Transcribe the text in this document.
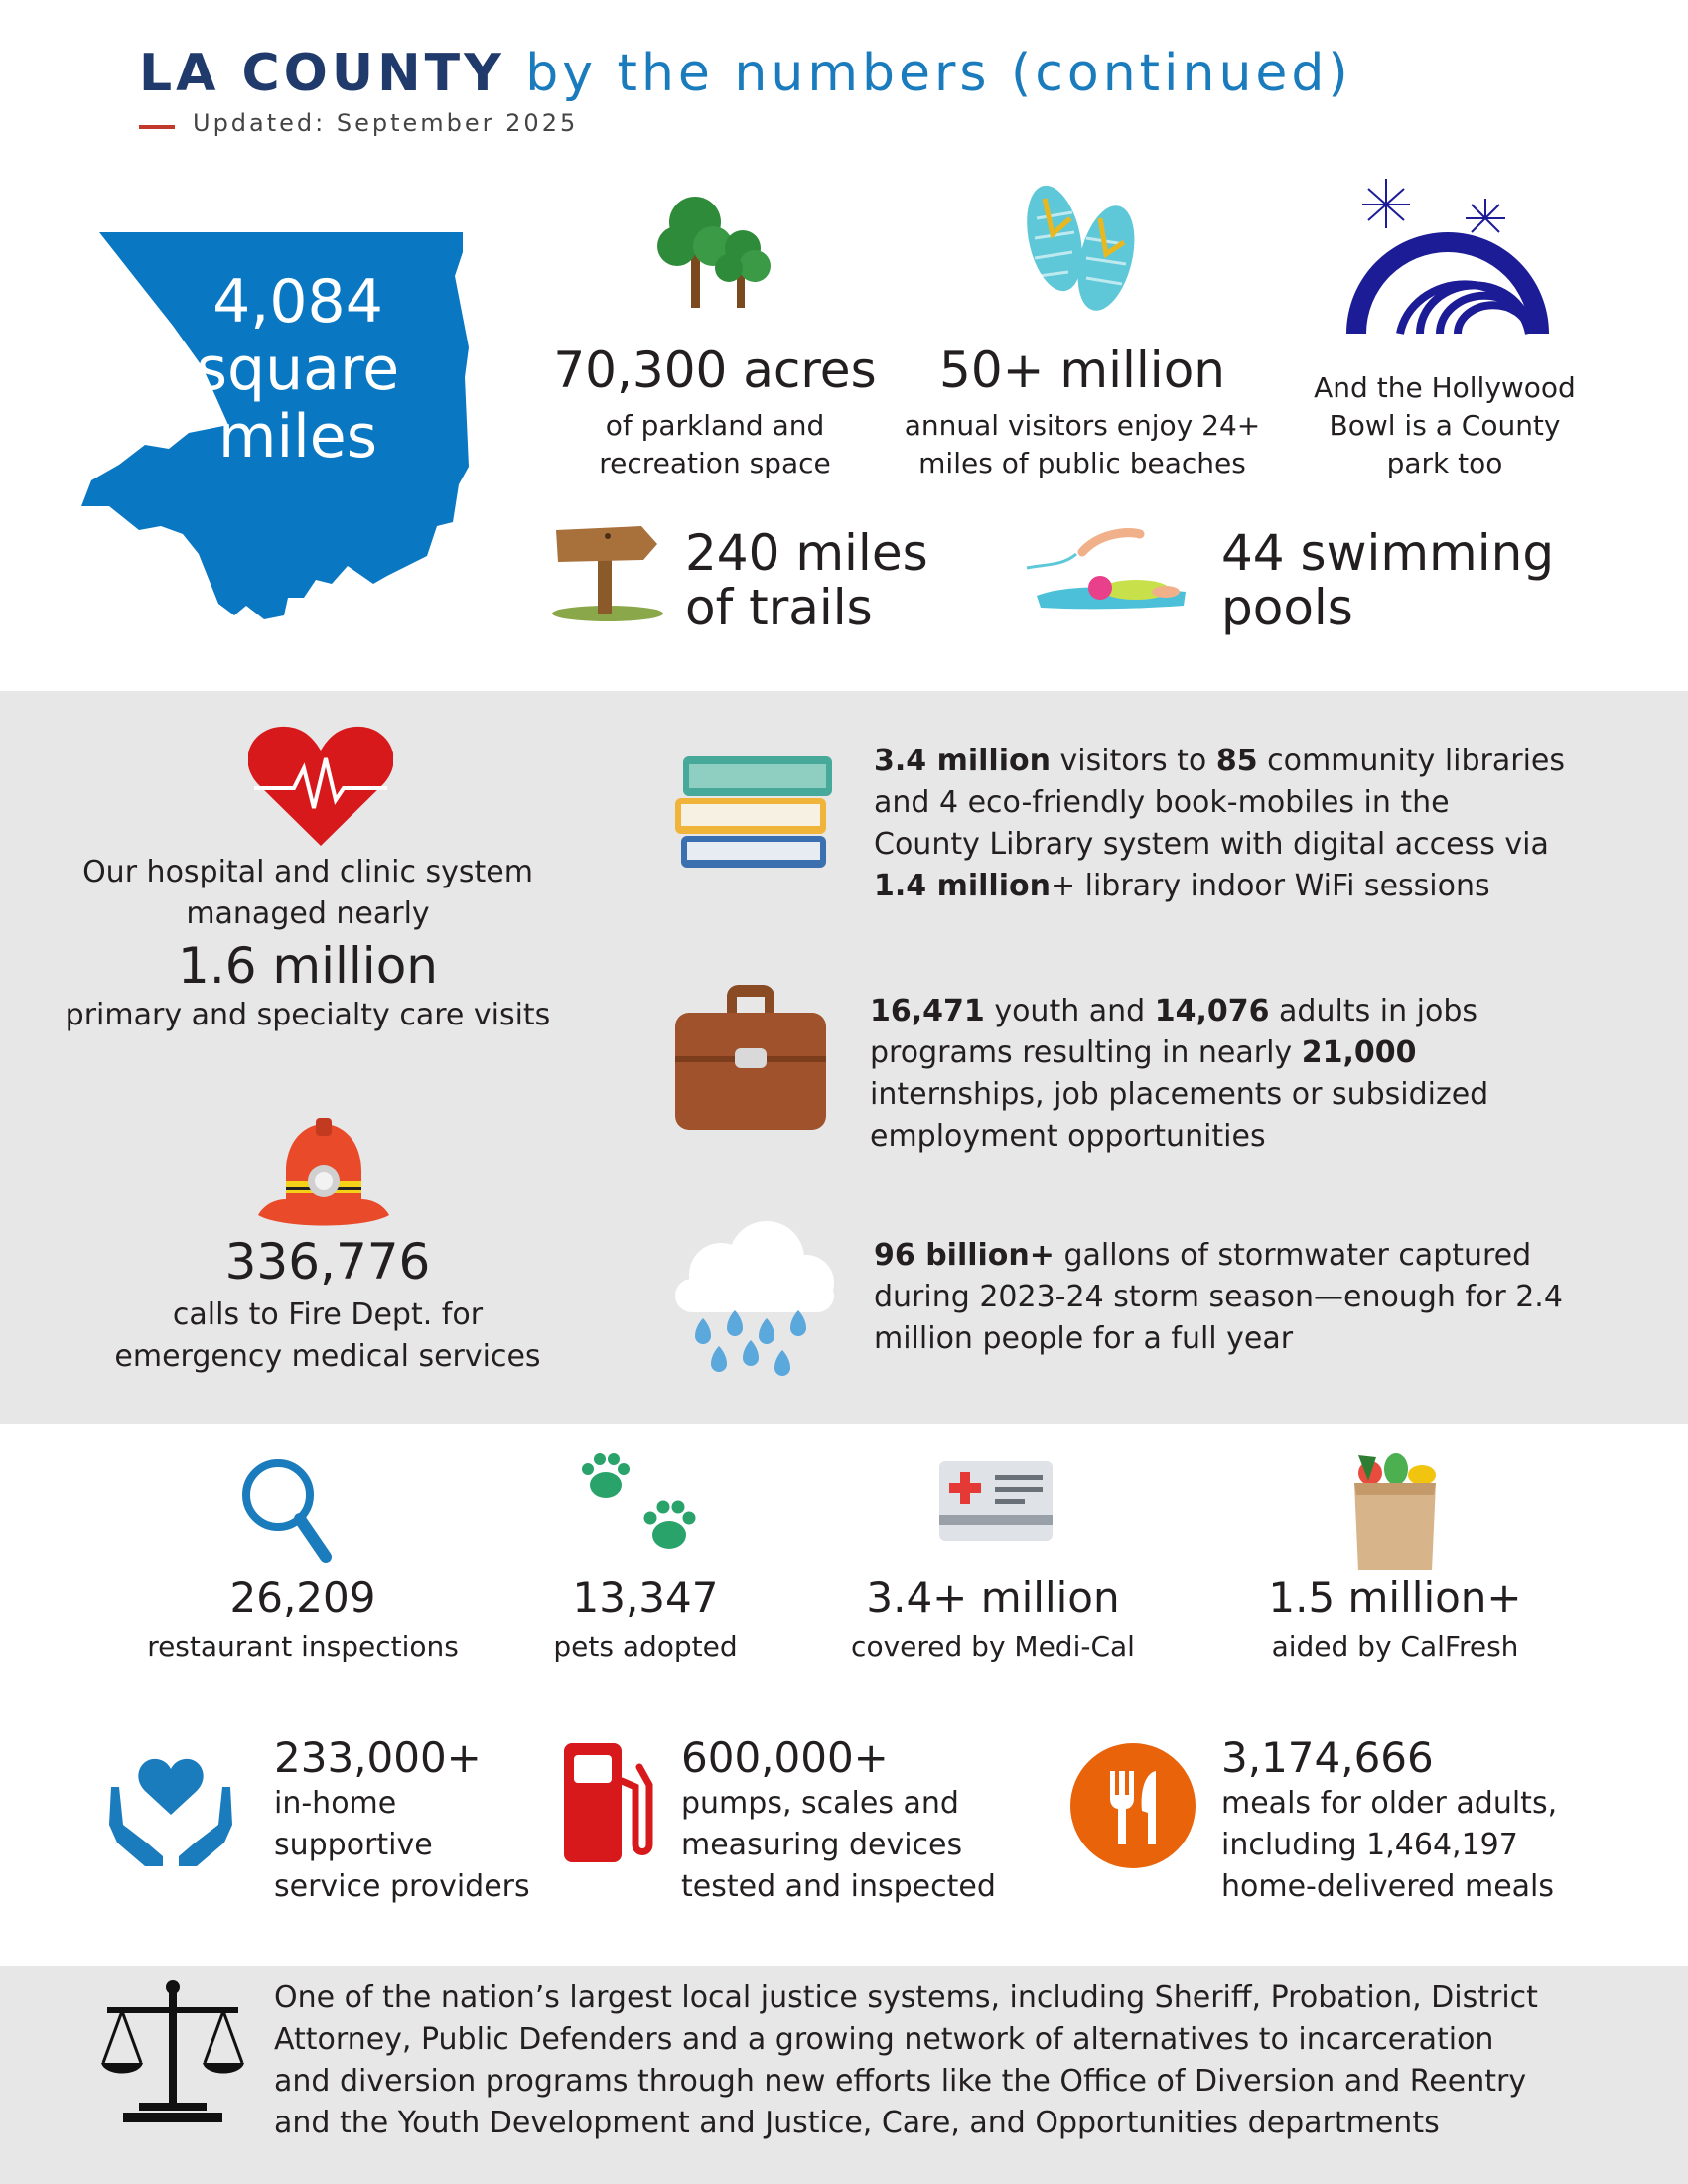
LA COUNTY by the numbers (continued)
Updated: September 2025
4,084
square
miles
70,300 acres
of parkland and
recreation space
50+ million
annual visitors enjoy 24+
miles of public beaches
And the Hollywood
Bowl is a County
park too
240 miles
of trails
44 swimming
pools
Our hospital and clinic system
managed nearly
1.6 million
primary and specialty care visits
336,776
calls to Fire Dept. for
emergency medical services
3.4 million visitors to 85 community libraries
and 4 eco-friendly book-mobiles in the
County Library system with digital access via
1.4 million+ library indoor WiFi sessions
16,471 youth and 14,076 adults in jobs
programs resulting in nearly 21,000
internships, job placements or subsidized
employment opportunities
96 billion+ gallons of stormwater captured
during 2023-24 storm season—enough for 2.4
million people for a full year
26,209
restaurant inspections
13,347
pets adopted
3.4+ million
covered by Medi-Cal
1.5 million+
aided by CalFresh
233,000+
in-home
supportive
service providers
600,000+
pumps, scales and
measuring devices
tested and inspected
3,174,666
meals for older adults,
including 1,464,197
home-delivered meals
One of the nation’s largest local justice systems, including Sheriff, Probation, District
Attorney, Public Defenders and a growing network of alternatives to incarceration
and diversion programs through new efforts like the Office of Diversion and Reentry
and the Youth Development and Justice, Care, and Opportunities departments
